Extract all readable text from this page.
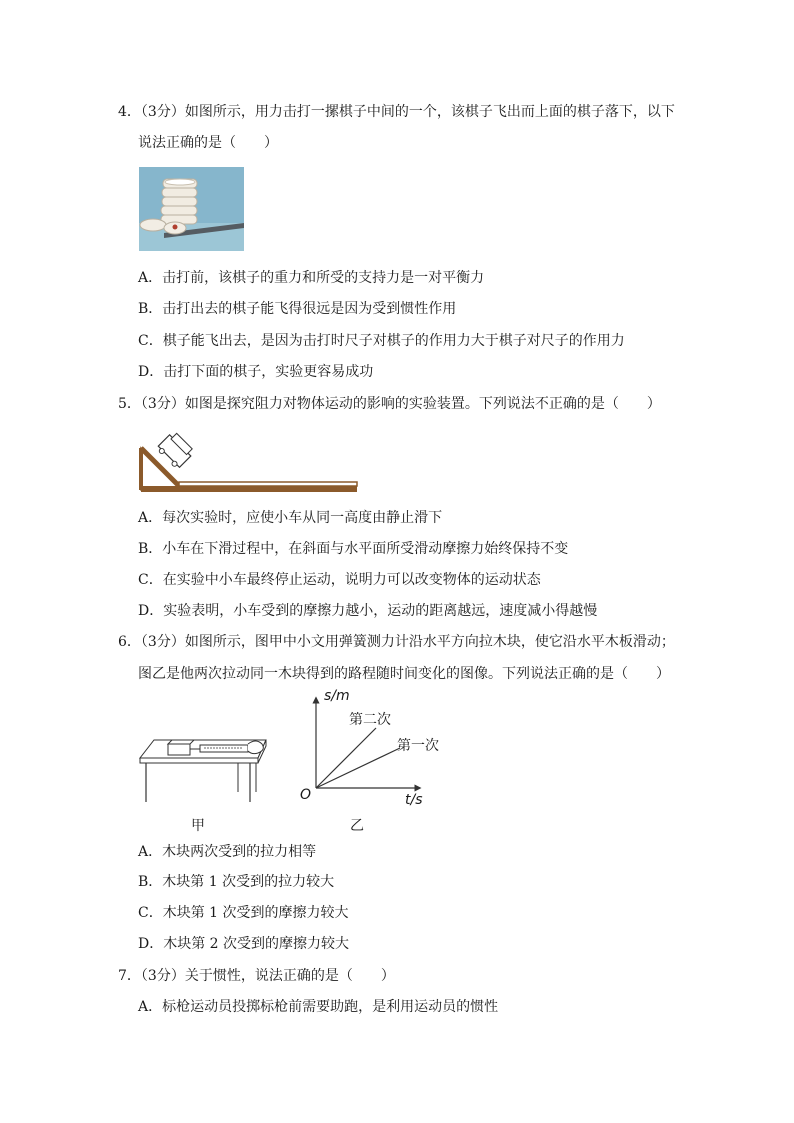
4．（3分）如图所示，用力击打一摞棋子中间的一个，该棋子飞出而上面的棋子落下，以下
说法正确的是（　　）
A．击打前，该棋子的重力和所受的支持力是一对平衡力
B．击打出去的棋子能飞得很远是因为受到惯性作用
C．棋子能飞出去，是因为击打时尺子对棋子的作用力大于棋子对尺子的作用力
D．击打下面的棋子，实验更容易成功
5．（3分）如图是探究阻力对物体运动的影响的实验装置。下列说法不正确的是（　　）
A．每次实验时，应使小车从同一高度由静止滑下
B．小车在下滑过程中，在斜面与水平面所受滑动摩擦力始终保持不变
C．在实验中小车最终停止运动，说明力可以改变物体的运动状态
D．实验表明，小车受到的摩擦力越小，运动的距离越远，速度减小得越慢
6．（3分）如图所示，图甲中小文用弹簧测力计沿水平方向拉木块，使它沿水平木板滑动；
图乙是他两次拉动同一木块得到的路程随时间变化的图像。下列说法正确的是（　　）
甲
s/m
第二次
第一次
O	t/s
乙
A．木块两次受到的拉力相等
B．木块第 1 次受到的拉力较大
C．木块第 1 次受到的摩擦力较大
D．木块第 2 次受到的摩擦力较大
7．（3分）关于惯性，说法正确的是（　　）
A．标枪运动员投掷标枪前需要助跑，是利用运动员的惯性
